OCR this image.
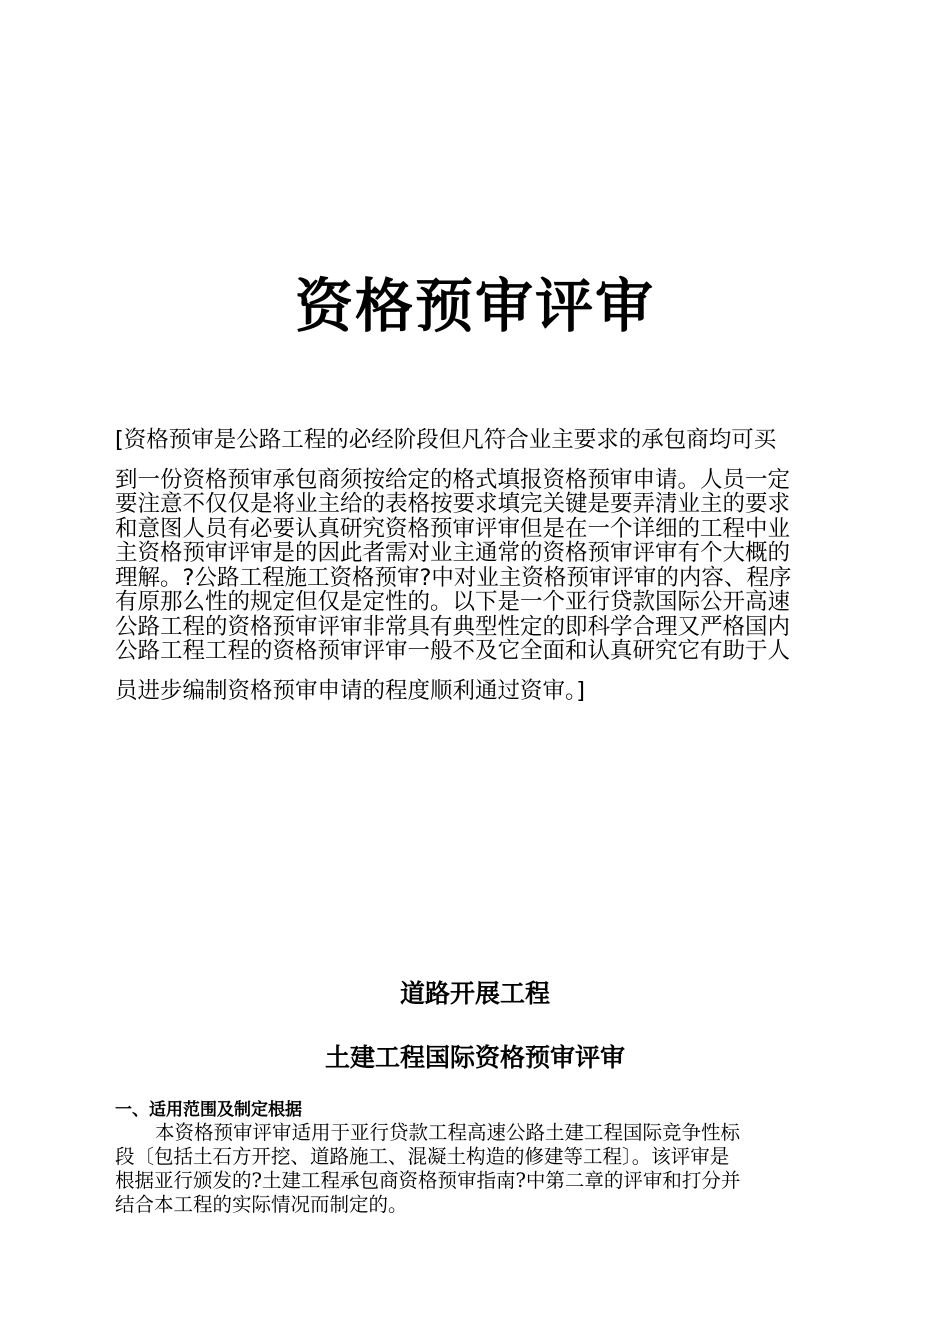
资格预审评审
[资格预审是公路工程的必经阶段但凡符合业主要求的承包商均可买
到一份资格预审承包商须按给定的格式填报资格预审申请。人员一定
要注意不仅仅是将业主给的表格按要求填完关键是要弄清业主的要求
和意图人员有必要认真研究资格预审评审但是在一个详细的工程中业
主资格预审评审是的因此者需对业主通常的资格预审评审有个大概的
理解。?公路工程施工资格预审?中对业主资格预审评审的内容、程序
有原那么性的规定但仅是定性的。以下是一个亚行贷款国际公开高速
公路工程的资格预审评审非常具有典型性定的即科学合理又严格国内
公路工程工程的资格预审评审一般不及它全面和认真研究它有助于人
员进步编制资格预审申请的程度顺利通过资审。]
道路开展工程
土建工程国际资格预审评审
一、适用范围及制定根据
本资格预审评审适用于亚行贷款工程高速公路土建工程国际竞争性标
段〔包括土石方开挖、道路施工、混凝土构造的修建等工程〕。该评审是
根据亚行颁发的?土建工程承包商资格预审指南?中第二章的评审和打分并
结合本工程的实际情况而制定的。
